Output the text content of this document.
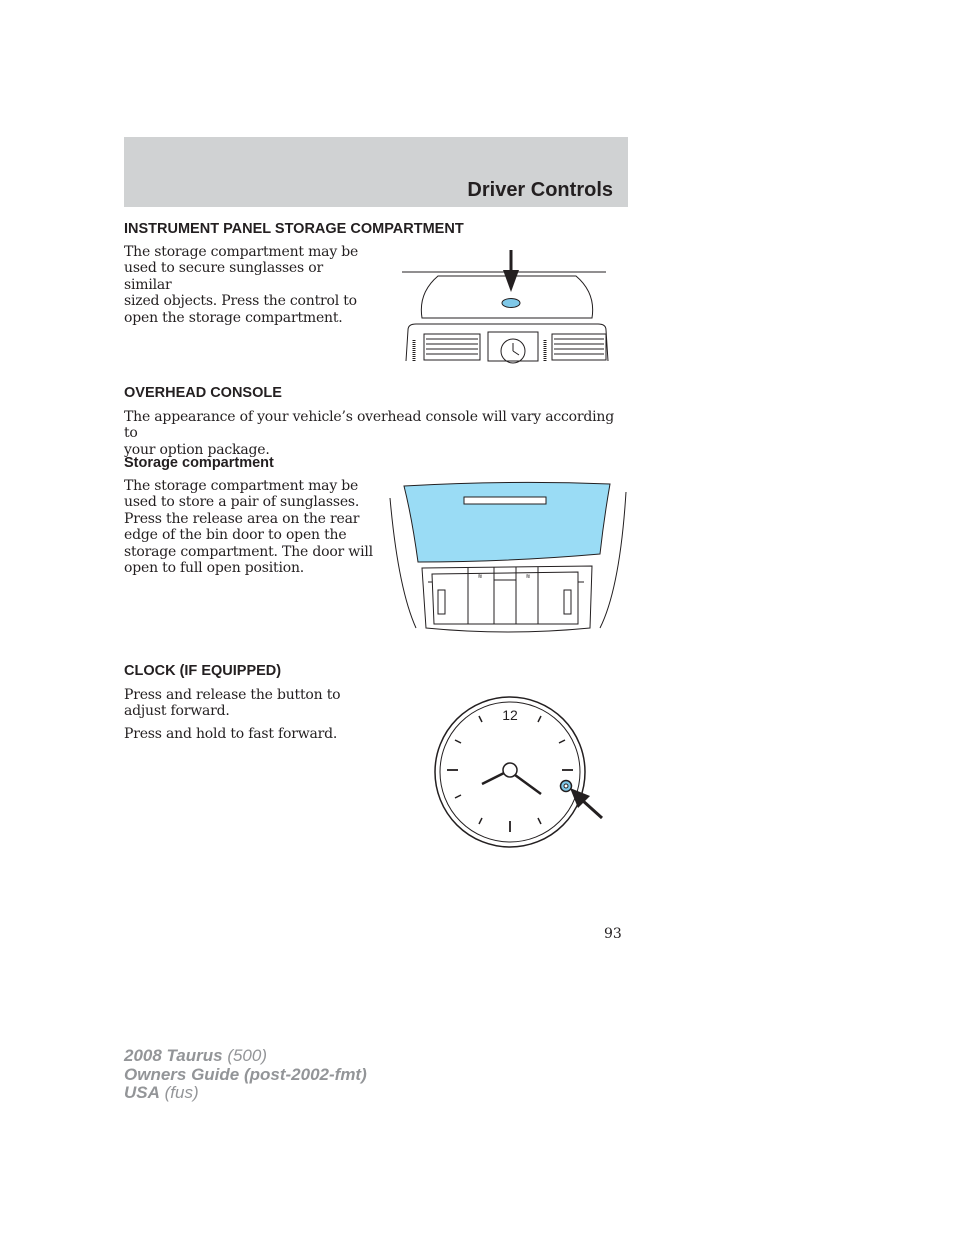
Driver Controls
INSTRUMENT PANEL STORAGE COMPARTMENT

The storage compartment may be
used to secure sunglasses or similar
sized objects. Press the control to
open the storage compartment.

OVERHEAD CONSOLE

The appearance of your vehicle’s overhead console will vary according to
your option package.

Storage compartment

The storage compartment may be
used to store a pair of sunglasses.
Press the release area on the rear
edge of the bin door to open the
storage compartment. The door will
open to full open position.

≋	≋
CLOCK (IF EQUIPPED)

Press and release the button to
adjust forward.

Press and hold to fast forward.

12
93
2008 Taurus (500)
Owners Guide (post-2002-fmt)
USA (fus)
